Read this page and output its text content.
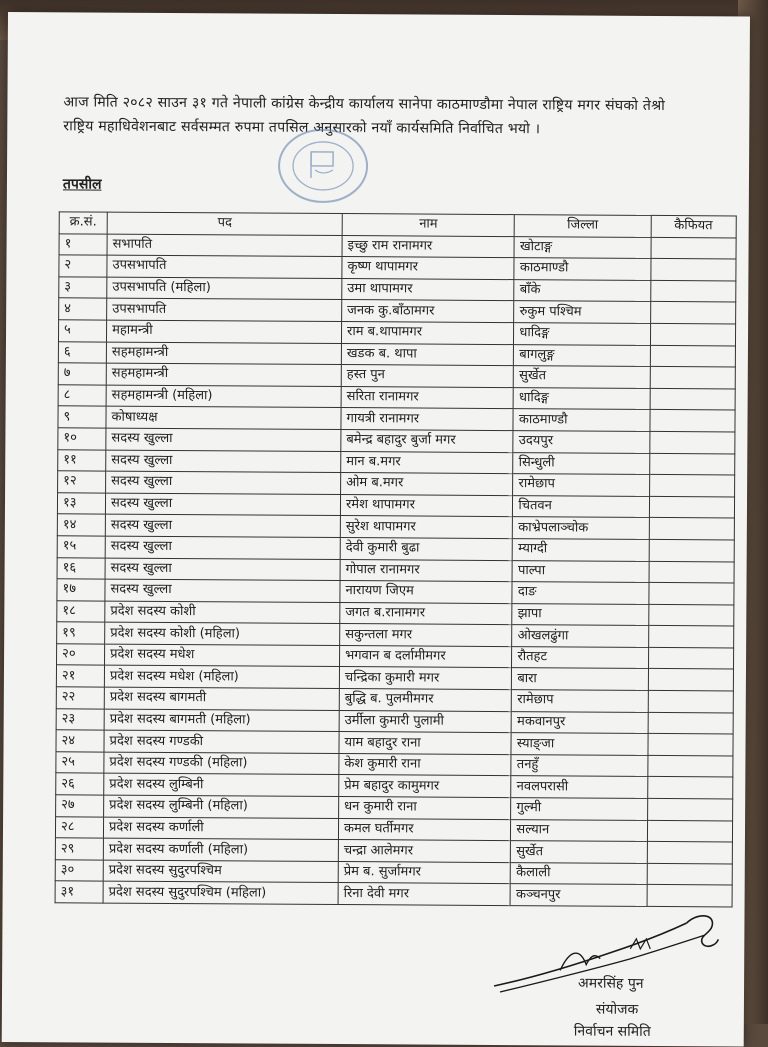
आज मिति २०८२ साउन ३१ गते नेपाली कांग्रेस केन्द्रीय कार्यालय सानेपा काठमाण्डौमा नेपाल राष्ट्रिय मगर संघको तेश्रो राष्ट्रिय महाधिवेशनबाट सर्वसम्मत रुपमा तपसिल अनुसारको नयाँ कार्यसमिति निर्वाचित भयो ।
तपसील
क्र.सं.	पद	नाम	जिल्ला	कैफियत
१	सभापति	इच्छु राम रानामगर	खोटाङ्ग	
२	उपसभापति	कृष्ण थापामगर	काठमाण्डौ	
३	उपसभापति (महिला)	उमा थापामगर	बाँके	
४	उपसभापति	जनक कु.बाँठामगर	रुकुम पश्चिम	
५	महामन्त्री	राम ब.थापामगर	धादिङ्ग	
६	सहमहामन्त्री	खडक ब. थापा	बागलुङ्ग	
७	सहमहामन्त्री	हस्त पुन	सुर्खेत	
८	सहमहामन्त्री (महिला)	सरिता रानामगर	धादिङ्ग	
९	कोषाध्यक्ष	गायत्री रानामगर	काठमाण्डौ	
१०	सदस्य खुल्ला	बमेन्द्र बहादुर बुर्जा मगर	उदयपुर	
११	सदस्य खुल्ला	मान ब.मगर	सिन्धुली	
१२	सदस्य खुल्ला	ओम ब.मगर	रामेछाप	
१३	सदस्य खुल्ला	रमेश थापामगर	चितवन	
१४	सदस्य खुल्ला	सुरेश थापामगर	काभ्रेपलाञ्चोक	
१५	सदस्य खुल्ला	देवी कुमारी बुढा	म्याग्दी	
१६	सदस्य खुल्ला	गोपाल रानामगर	पाल्पा	
१७	सदस्य खुल्ला	नारायण जिएम	दाङ	
१८	प्रदेश सदस्य कोशी	जगत ब.रानामगर	झापा	
१९	प्रदेश सदस्य कोशी (महिला)	सकुन्तला मगर	ओखलढुंगा	
२०	प्रदेश सदस्य मधेश	भगवान ब दर्लामीमगर	रौतहट	
२१	प्रदेश सदस्य मधेश (महिला)	चन्द्रिका कुमारी मगर	बारा	
२२	प्रदेश सदस्य बागमती	बुद्धि ब. पुलमीमगर	रामेछाप	
२३	प्रदेश सदस्य बागमती (महिला)	उर्मीला कुमारी पुलामी	मकवानपुर	
२४	प्रदेश सदस्य गण्डकी	याम बहादुर राना	स्याङ्जा	
२५	प्रदेश सदस्य गण्डकी (महिला)	केश कुमारी राना	तनहुँ	
२६	प्रदेश सदस्य लुम्बिनी	प्रेम बहादुर कामुमगर	नवलपरासी	
२७	प्रदेश सदस्य लुम्बिनी (महिला)	धन कुमारी राना	गुल्मी	
२८	प्रदेश सदस्य कर्णाली	कमल घर्तीमगर	सल्यान	
२९	प्रदेश सदस्य कर्णाली (महिला)	चन्द्रा आलेमगर	सुर्खेत	
३०	प्रदेश सदस्य सुदुरपश्चिम	प्रेम ब. सुर्जामगर	कैलाली	
३१	प्रदेश सदस्य सुदुरपश्चिम (महिला)	रिना देवी मगर	कञ्चनपुर	
अमरसिंह पुन
संयोजक
निर्वाचन समिति
